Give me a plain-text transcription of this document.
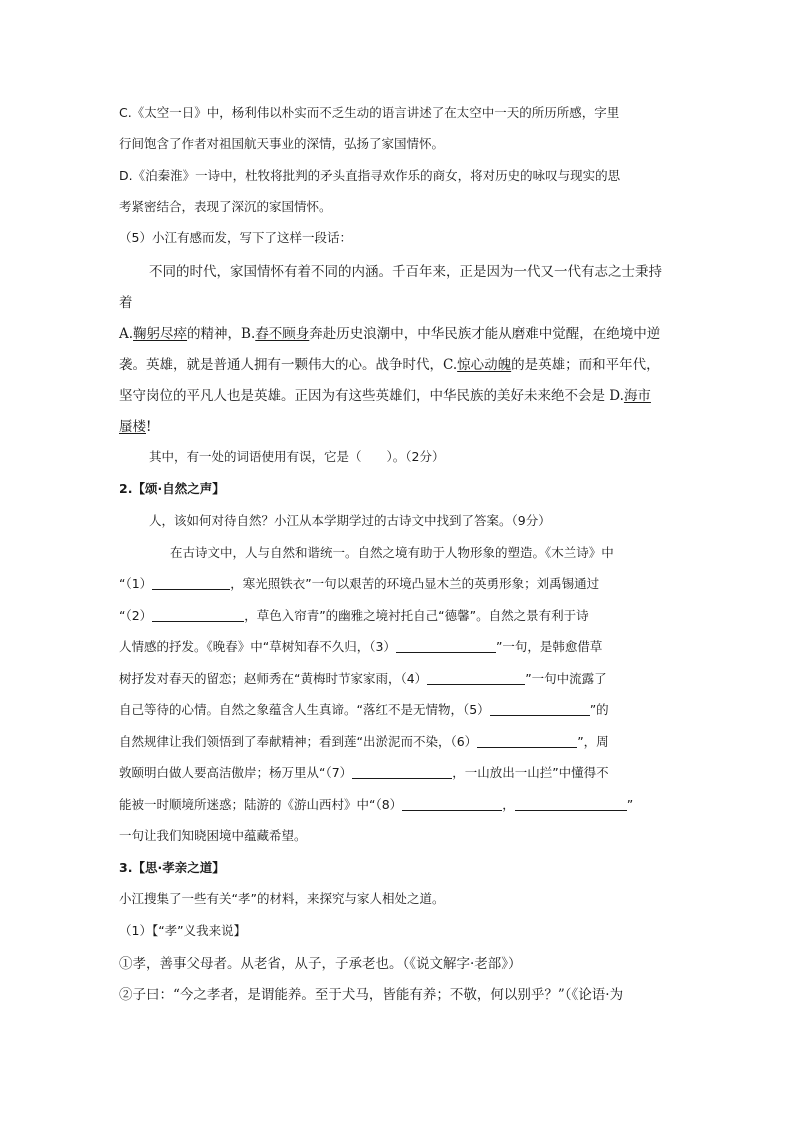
C.《太空一日》中，杨利伟以朴实而不乏生动的语言讲述了在太空中一天的所历所感，字里
行间饱含了作者对祖国航天事业的深情，弘扬了家国情怀。
D.《泊秦淮》一诗中，杜牧将批判的矛头直指寻欢作乐的商女，将对历史的咏叹与现实的思
考紧密结合，表现了深沉的家国情怀。
（5）小江有感而发，写下了这样一段话：
不同的时代，家国情怀有着不同的内涵。千百年来，正是因为一代又一代有志之士秉持
着
A.鞠躬尽瘁的精神，B.舂不顾身奔赴历史浪潮中，中华民族才能从磨难中觉醒，在绝境中逆
袭。英雄，就是普通人拥有一颗伟大的心。战争时代，C.惊心动魄的是英雄；而和平年代，
坚守岗位的平凡人也是英雄。正因为有这些英雄们，中华民族的美好未来绝不会是 D.海市
蜃楼!
其中，有一处的词语使用有误，它是（　　）。（2分）
2.【颂·自然之声】
人，该如何对待自然？小江从本学期学过的古诗文中找到了答案。（9分）
在古诗文中，人与自然和谐统一。自然之境有助于人物形象的塑造。《木兰诗》中
“（1）	，寒光照铁衣”一句以艰苦的环境凸显木兰的英勇形象；刘禹锡通过
“（2）	，草色入帘青”的幽雅之境衬托自己“德馨”。自然之景有利于诗
人情感的抒发。《晚春》中“草树知春不久归，（3）	”一句，是韩愈借草
树抒发对春天的留恋；赵师秀在“黄梅时节家家雨，（4）	”一句中流露了
自己等待的心情。自然之象蕴含人生真谛。“落红不是无情物，（5）	”的
自然规律让我们领悟到了奉献精神；看到莲“出淤泥而不染，（6）	”，周
敦颐明白做人要高洁傲岸；杨万里从“（7）	，一山放出一山拦”中懂得不
能被一时顺境所迷惑；陆游的《游山西村》中“（8）	，	”
一句让我们知晓困境中蕴藏希望。
3.【思·孝亲之道】
小江搜集了一些有关“孝”的材料，来探究与家人相处之道。
（1）【“孝”义我来说】
①孝，善事父母者。从老省，从子，子承老也。（《说文解字·老部》）
②子曰：“今之孝者，是谓能养。至于犬马，皆能有养；不敬，何以别乎？”（《论语·为
